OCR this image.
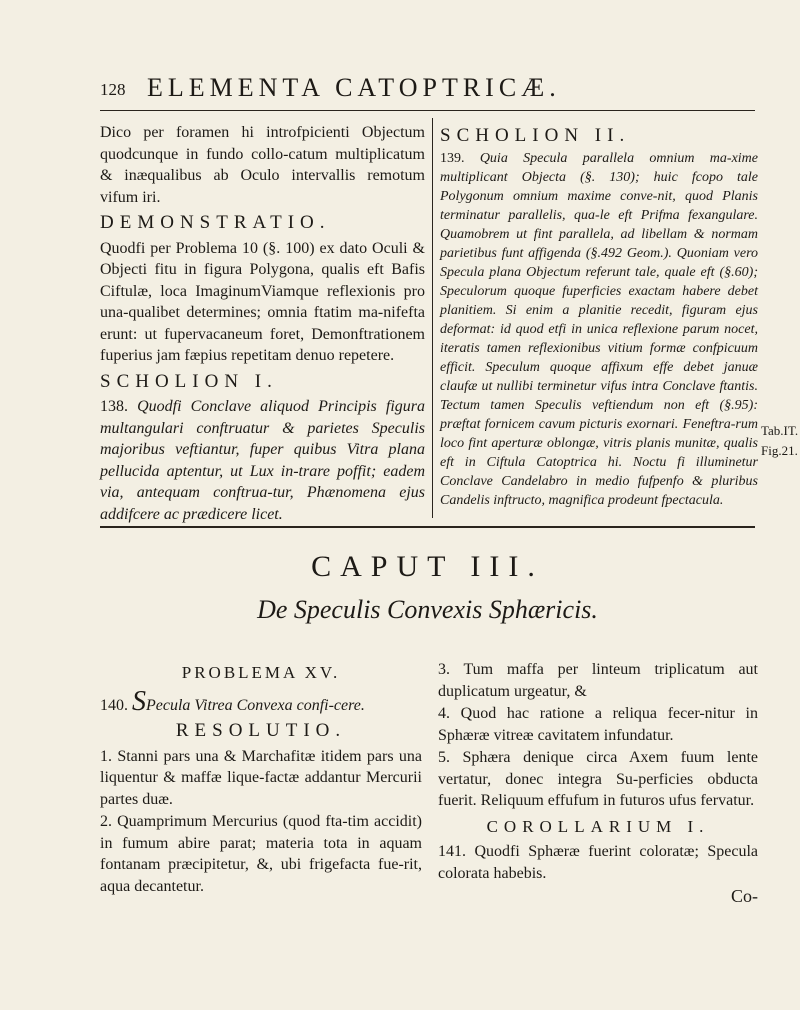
128 ELEMENTA CATOPTRICÆ.

Dico per foramen hi introfpicienti Objectum quodcunque in fundo collo-catum multiplicatum & inæqualibus ab Oculo intervallis remotum vifum iri.

DEMONSTRATIO.

Quodfi per Problema 10 (§. 100) ex dato Oculi & Objecti fitu in figura Polygona, qualis eft Bafis Ciftulæ, loca ImaginumViamque reflexionis pro una-qualibet determines; omnia ftatim ma-nifefta erunt: ut fupervacaneum foret, Demonftrationem fuperius jam fæpius repetitam denuo repetere.

SCHOLION I.

138. Quodfi Conclave aliquod Principis figura multangulari conftruatur & parietes Speculis majoribus veftiantur, fuper quibus Vitra plana pellucida aptentur, ut Lux in-trare poffit; eadem via, antequam conftrua-tur, Phænomena ejus addifcere ac prædicere licet.

SCHOLION II.

139. Quia Specula parallela omnium ma-xime multiplicant Objecta (§. 130); huic fcopo tale Polygonum omnium maxime conve-nit, quod Planis terminatur parallelis, qua-le eft Prifma fexangulare. Quamobrem ut fint parallela, ad libellam & normam parietibus funt affigenda (§.492 Geom.). Quoniam vero Specula plana Objectum referunt tale, quale eft (§.60); Speculorum quoque fuperficies exactam habere debet planitiem. Si enim a planitie recedit, figuram ejus deformat: id quod etfi in unica reflexione parum nocet, iteratis tamen reflexionibus vitium formæ confpicuum efficit. Speculum quoque affixum effe debet januæ claufæ ut nullibi terminetur vifus intra Conclave ftantis. Tectum tamen Speculis veftiendum non eft (§.95): præftat fornicem cavum picturis exornari. Feneftra-rum loco fint aperturæ oblongæ, vitris planis munitæ, qualis eft in Ciftula Catoptrica hi. Noctu fi illuminetur Conclave Candelabro in medio fufpenfo & pluribus Candelis inftructo, magnifica prodeunt fpectacula.

Tab.IT.
Fig.21.
CAPUT III.
De Speculis Convexis Sphæricis.

PROBLEMA XV.

140. SPecula Vitrea Convexa confi-cere.

RESOLUTIO.

1. Stanni pars una & Marchafitæ itidem pars una liquentur & maffæ lique-factæ addantur Mercurii partes duæ.

2. Quamprimum Mercurius (quod fta-tim accidit) in fumum abire parat; materia tota in aquam fontanam præcipitetur, &, ubi frigefacta fue-rit, aqua decantetur.

3. Tum maffa per linteum triplicatum aut duplicatum urgeatur, &

4. Quod hac ratione a reliqua fecer-nitur in Sphæræ vitreæ cavitatem infundatur.

5. Sphæra denique circa Axem fuum lente vertatur, donec integra Su-perficies obducta fuerit. Reliquum effufum in futuros ufus fervatur.

COROLLARIUM I.

141. Quodfi Sphæræ fuerint coloratæ; Specula colorata habebis.

Co-
